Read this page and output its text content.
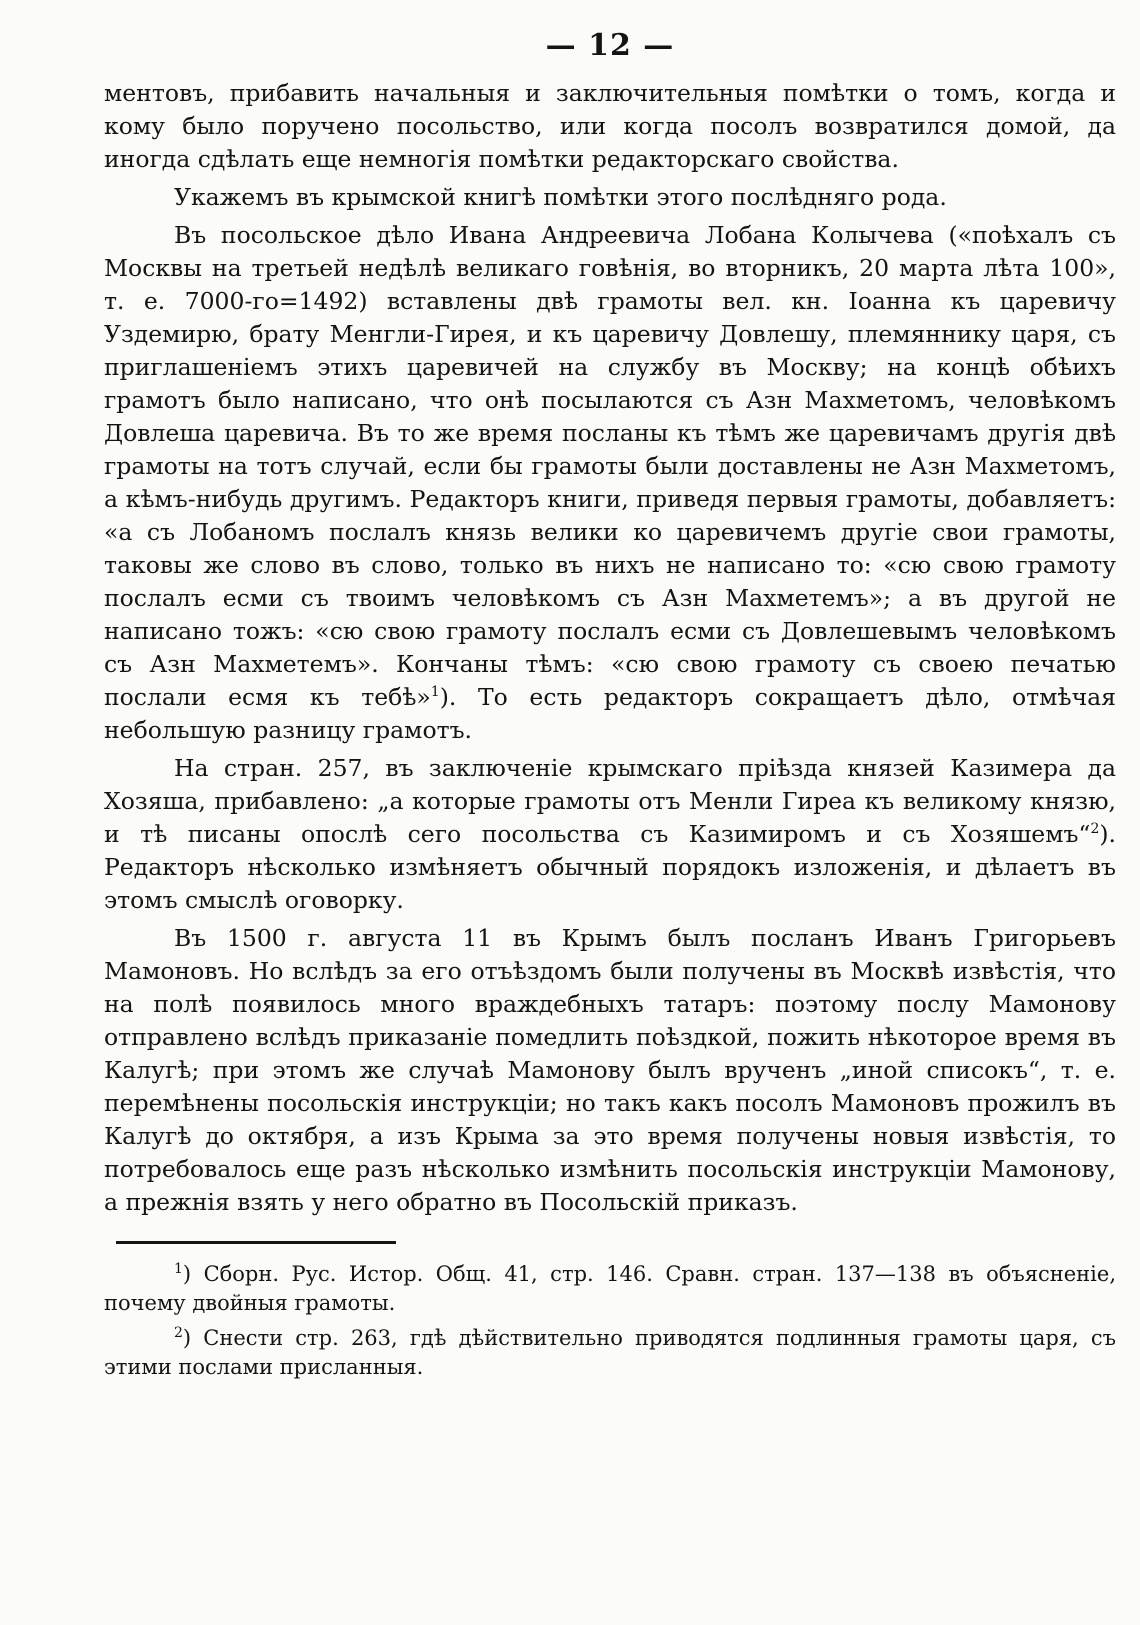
— 12 —

ментовъ, прибавить начальныя и заключительныя помѣтки о томъ, когда и кому было поручено посольство, или когда посолъ возвратился домой, да иногда сдѣлать еще немногія помѣтки редакторскаго свойства.

Укажемъ въ крымской книгѣ помѣтки этого послѣдняго рода.

Въ посольское дѣло Ивана Андреевича Лобана Колычева («поѣхалъ съ Москвы на третьей недѣлѣ великаго говѣнія, во вторникъ, 20 марта лѣта 100», т. е. 7000-го=1492) вставлены двѣ грамоты вел. кн. Іоанна къ царевичу Уздемирю, брату Менгли-Гирея, и къ царевичу Довлешу, племяннику царя, съ приглашеніемъ этихъ царевичей на службу въ Москву; на концѣ обѣихъ грамотъ было написано, что онѣ посылаются съ Азн Махметомъ, человѣкомъ Довлеша царевича. Въ то же время посланы къ тѣмъ же царевичамъ другія двѣ грамоты на тотъ случай, если бы грамоты были доставлены не Азн Махметомъ, а кѣмъ-нибудь другимъ. Редакторъ книги, приведя первыя грамоты, добавляетъ: «а съ Лобаномъ послалъ князь велики ко царевичемъ другіе свои грамоты, таковы же слово въ слово, только въ нихъ не написано то: «сю свою грамоту послалъ есми съ твоимъ человѣкомъ съ Азн Махметемъ»; а въ другой не написано тожъ: «сю свою грамоту послалъ есми съ Довлешевымъ человѣкомъ съ Азн Махметемъ». Кончаны тѣмъ: «сю свою грамоту съ своею печатью послали есмя къ тебѣ»$^1$). То есть редакторъ сокращаетъ дѣло, отмѣчая небольшую разницу грамотъ.

На стран. 257, въ заключеніе крымскаго пріѣзда князей Казимера да Хозяша, прибавлено: „а которые грамоты отъ Менли Гиреа къ великому князю, и тѣ писаны опослѣ сего посольства съ Казимиромъ и съ Хозяшемъ“$^2$). Редакторъ нѣсколько измѣняетъ обычный порядокъ изложенія, и дѣлаетъ въ этомъ смыслѣ оговорку.

Въ 1500 г. августа 11 въ Крымъ былъ посланъ Иванъ Григорьевъ Мамоновъ. Но вслѣдъ за его отъѣздомъ были получены въ Москвѣ извѣстія, что на полѣ появилось много враждебныхъ татаръ: поэтому послу Мамонову отправлено вслѣдъ приказаніе помедлить поѣздкой, пожить нѣкоторое время въ Калугѣ; при этомъ же случаѣ Мамонову былъ врученъ „иной списокъ“, т. е. перемѣнены посольскія инструкціи; но такъ какъ посолъ Мамоновъ прожилъ въ Калугѣ до октября, а изъ Крыма за это время получены новыя извѣстія, то потребовалось еще разъ нѣсколько измѣнить посольскія инструкціи Мамонову, а прежнія взять у него обратно въ Посольскій приказъ.

$^1$) Сборн. Рус. Истор. Общ. 41, стр. 146. Сравн. стран. 137—138 въ объясненіе, почему двойныя грамоты.

$^2$) Снести стр. 263, гдѣ дѣйствительно приводятся подлинныя грамоты царя, съ этими послами присланныя.
